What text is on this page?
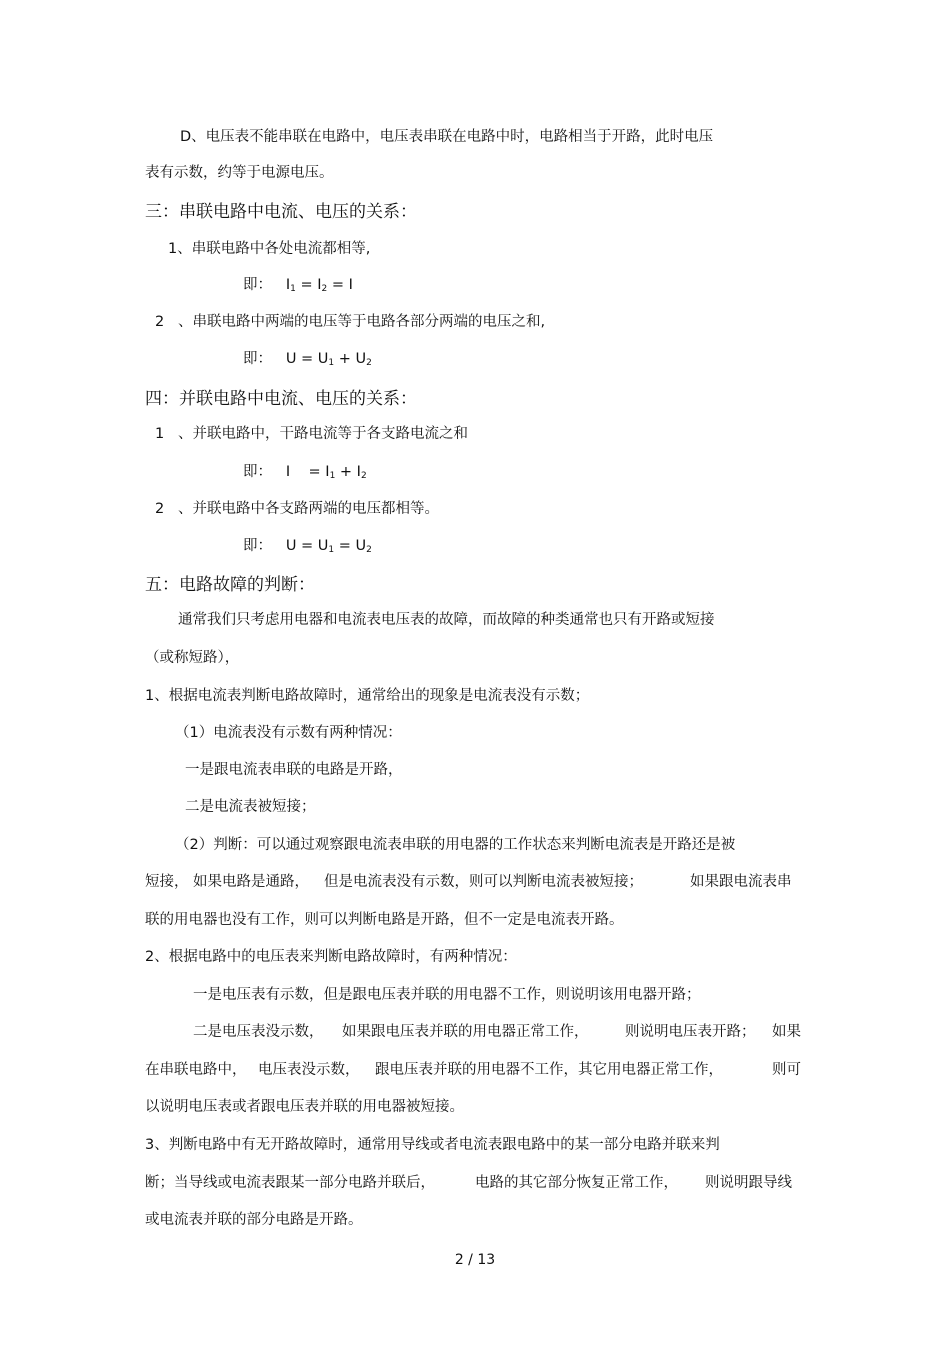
D、电压表不能串联在电路中，电压表串联在电路中时，电路相当于开路，此时电压
表有示数，约等于电源电压。
三：串联电路中电流、电压的关系：
1、串联电路中各处电流都相等,
即： $I_1 = I_2 = I$
2   、串联电路中两端的电压等于电路各部分两端的电压之和,
即： $U = U_1 + U_2$
四：并联电路中电流、电压的关系：
1   、并联电路中，干路电流等于各支路电流之和
即： I    = $I_1 + I_2$
2   、并联电路中各支路两端的电压都相等。
即： $U = U_1 = U_2$
五：电路故障的判断：
通常我们只考虑用电器和电流表电压表的故障，而故障的种类通常也只有开路或短接
（或称短路），
1、根据电流表判断电路故障时，通常给出的现象是电流表没有示数；
（1）电流表没有示数有两种情况：
一是跟电流表串联的电路是开路，
二是电流表被短接；
（2）判断：可以通过观察跟电流表串联的用电器的工作状态来判断电流表是开路还是被
短接， 如果电路是通路， 但是电流表没有示数，则可以判断电流表被短接；	如果跟电流表串
联的用电器也没有工作，则可以判断电路是开路，但不一定是电流表开路。
2、根据电路中的电压表来判断电路故障时，有两种情况：
一是电压表有示数，但是跟电压表并联的用电器不工作，则说明该用电器开路；
二是电压表没示数， 如果跟电压表并联的用电器正常工作，	则说明电压表开路； 如果
在串联电路中， 电压表没示数， 跟电压表并联的用电器不工作，其它用电器正常工作，	则可
以说明电压表或者跟电压表并联的用电器被短接。
3、判断电路中有无开路故障时，通常用导线或者电流表跟电路中的某一部分电路并联来判
断；当导线或电流表跟某一部分电路并联后，	电路的其它部分恢复正常工作， 则说明跟导线
或电流表并联的部分电路是开路。
2 / 13
